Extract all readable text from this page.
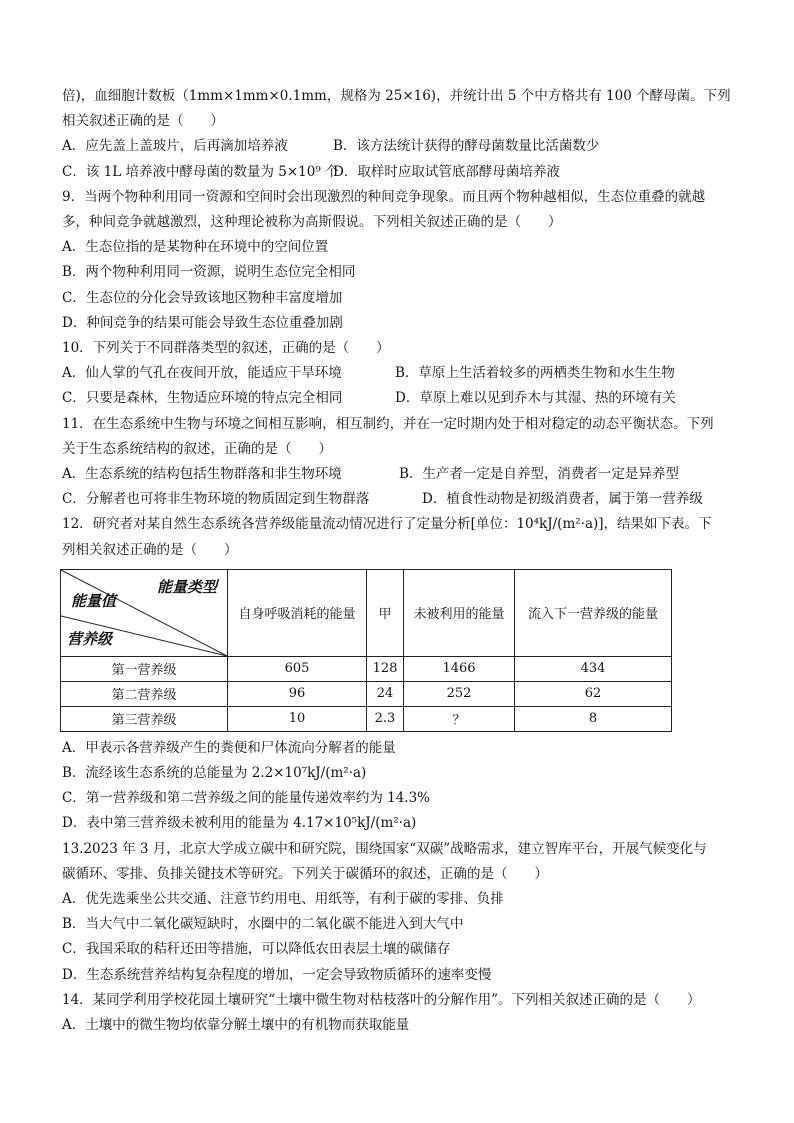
倍)，血细胞计数板（1mm×1mm×0.1mm，规格为 25×16)，并统计出 5 个中方格共有 100 个酵母菌。下列
相关叙述正确的是（　　）
A．应先盖上盖玻片，后再滴加培养液	B．该方法统计获得的酵母菌数量比活菌数少
C．该 1L 培养液中酵母菌的数量为 5×10⁹ 个
D．取样时应取试管底部酵母菌培养液
9．当两个物种利用同一资源和空间时会出现激烈的种间竞争现象。而且两个物种越相似，生态位重叠的就越
多，种间竞争就越激烈，这种理论被称为高斯假说。下列相关叙述正确的是（　　）
A．生态位指的是某物种在环境中的空间位置
B．两个物种利用同一资源，说明生态位完全相同
C．生态位的分化会导致该地区物种丰富度增加
D．种间竞争的结果可能会导致生态位重叠加剧
10．下列关于不同群落类型的叙述，正确的是（　　）
A．仙人掌的气孔在夜间开放，能适应干旱环境	B．草原上生活着较多的两栖类生物和水生生物
C．只要是森林，生物适应环境的特点完全相同	D．草原上难以见到乔木与其湿、热的环境有关
11．在生态系统中生物与环境之间相互影响，相互制约，并在一定时期内处于相对稳定的动态平衡状态。下列
关于生态系统结构的叙述，正确的是（　　）
A．生态系统的结构包括生物群落和非生物环境	B．生产者一定是自养型，消费者一定是异养型
C．分解者也可将非生物环境的物质固定到生物群落	D．植食性动物是初级消费者，属于第一营养级
12．研究者对某自然生态系统各营养级能量流动情况进行了定量分析[单位：10⁴kJ/(m²·a)]，结果如下表。下
列相关叙述正确的是（　　）
能量类型
能量值
营养级	自身呼吸消耗的能量	甲	未被利用的能量	流入下一营养级的能量
第一营养级	605	128	1466	434
第二营养级	96	24	252	62
第三营养级	10	2.3	？	8
A．甲表示各营养级产生的粪便和尸体流向分解者的能量
B．流经该生态系统的总能量为 2.2×10⁷kJ/(m²·a)
C．第一营养级和第二营养级之间的能量传递效率约为 14.3%
D．表中第三营养级未被利用的能量为 4.17×10⁵kJ/(m²·a)
13.2023 年 3 月，北京大学成立碳中和研究院，围绕国家“双碳”战略需求，建立智库平台，开展气候变化与
碳循环、零排、负排关键技术等研究。下列关于碳循环的叙述，正确的是（　　）
A．优先选乘坐公共交通、注意节约用电、用纸等，有利于碳的零排、负排
B．当大气中二氧化碳短缺时，水圈中的二氧化碳不能进入到大气中
C．我国采取的秸秆还田等措施，可以降低农田表层土壤的碳储存
D．生态系统营养结构复杂程度的增加，一定会导致物质循环的速率变慢
14．某同学利用学校花园土壤研究“土壤中微生物对枯枝落叶的分解作用”。下列相关叙述正确的是（　　）
A．土壤中的微生物均依靠分解土壤中的有机物而获取能量
